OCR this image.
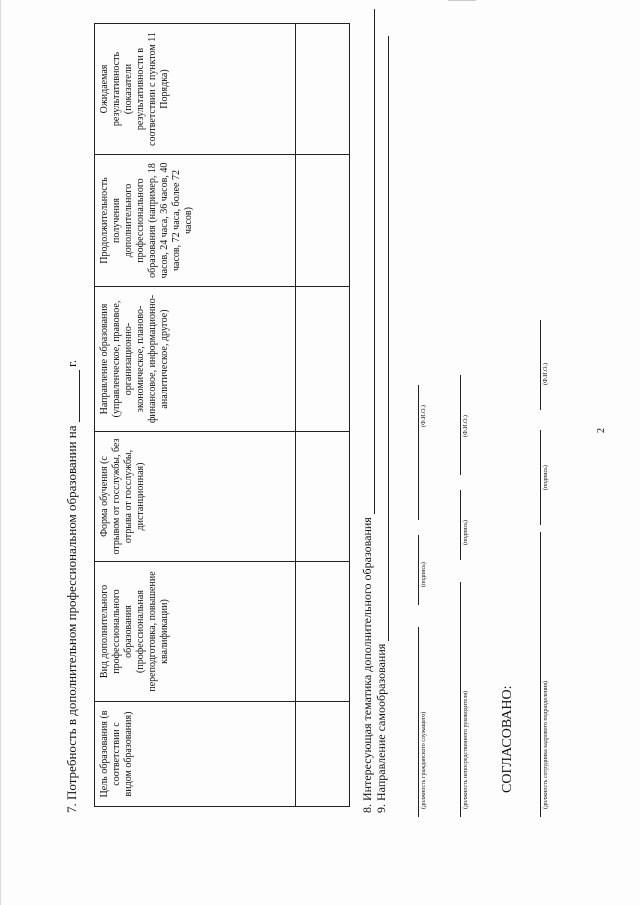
2
7. Потребность в дополнительном профессиональном образовании на  г.
Цель образования (в соответствии с видом образования)
Вид дополнительного профессионального образования (профессиональная переподготовка, повышение квалификации)
Форма обучения (с отрывом от госслужбы, без отрыва от госслужбы, дистанционная)
Направление образования (управленческое, правовое, организационно-экономическое, планово-финансовое, информационно-аналитическое, другое)
Продолжительность получения дополнительного профессионального образования (например, 18 часов, 24 часа, 36 часов, 40 часов, 72 часа, более 72 часов)
Ожидаемая результативность (показатели результативности в соответствии с пунктом 11 Порядка)
8. Интересующая тематика дополнительного образования 9. Направление самообразования	(должность гражданского служащего)
(подпись)
(Ф.И.О.)
(должность непосредственного руководителя)
(подпись)
(Ф.И.О.)
СОГЛАСОВАНО:	(должность сотрудника кадрового подразделения)
(подпись)
(Ф.И.О.)
